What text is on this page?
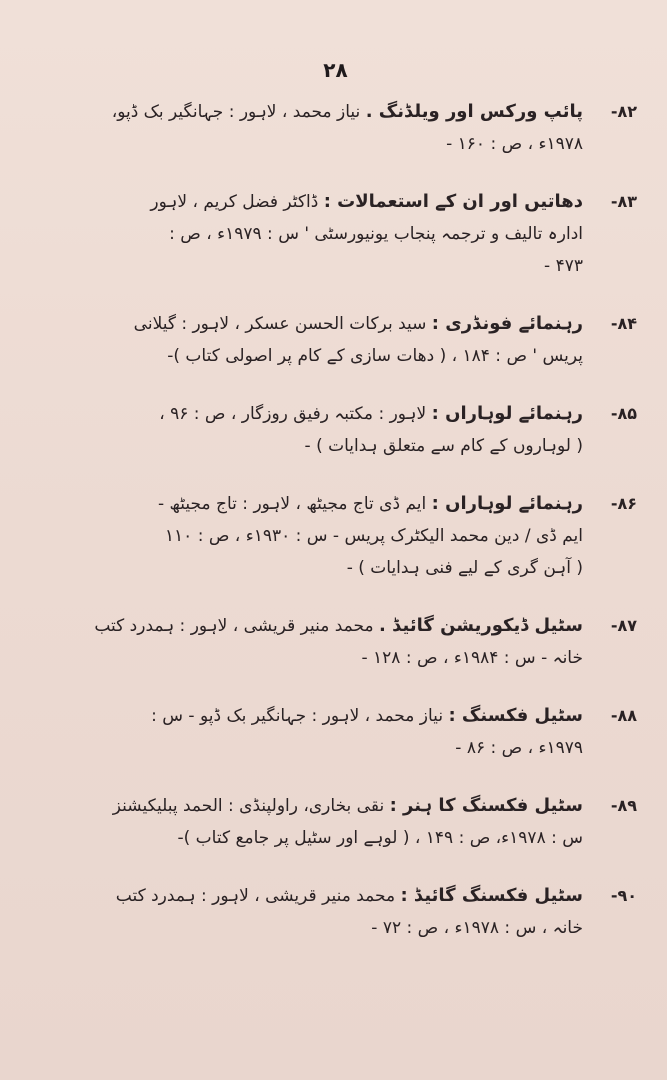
۲۸
۸۲-
پائپ ورکس اور ویلڈنگ . نیاز محمد ، لاہور : جہانگیر بک ڈپو،
۱۹۷۸ء ، ص : ۱۶۰ -
۸۳-
دھاتیں اور ان کے استعمالات : ڈاکٹر فضل کریم ، لاہور
ادارہ تالیف و ترجمہ پنجاب یونیورسٹی ' س : ۱۹۷۹ء ، ص :
۴۷۳ -
۸۴-
رہنمائے فونڈری : سید برکات الحسن عسکر ، لاہور : گیلانی
پریس ' ص : ۱۸۴ ، ( دھات سازی کے کام پر اصولی کتاب )-
۸۵-
رہنمائے لوہاراں : لاہور : مکتبہ رفیق روزگار ، ص : ۹۶ ،
( لوہاروں کے کام سے متعلق ہدایات ) -
۸۶-
رہنمائے لوہاراں : ایم ڈی تاج مجیٹھ ، لاہور : تاج مجیٹھ -
ایم ڈی / دین محمد الیکٹرک پریس - س : ۱۹۳۰ء ، ص : ۱۱۰
( آہن گری کے لیے فنی ہدایات ) -
۸۷-
سٹیل ڈیکوریشن گائیڈ . محمد منیر قریشی ، لاہور : ہمدرد کتب
خانہ - س : ۱۹۸۴ء ، ص : ۱۲۸ -
۸۸-
سٹیل فکسنگ : نیاز محمد ، لاہور : جہانگیر بک ڈپو - س :
۱۹۷۹ء ، ص : ۸۶ -
۸۹-
سٹیل فکسنگ کا ہنر : نقی بخاری، راولپنڈی : الحمد پبلیکیشنز
س : ۱۹۷۸ء، ص : ۱۴۹ ، ( لوہے اور سٹیل پر جامع کتاب )-
۹۰-
سٹیل فکسنگ گائیڈ : محمد منیر قریشی ، لاہور : ہمدرد کتب
خانہ ، س : ۱۹۷۸ء ، ص : ۷۲ -
